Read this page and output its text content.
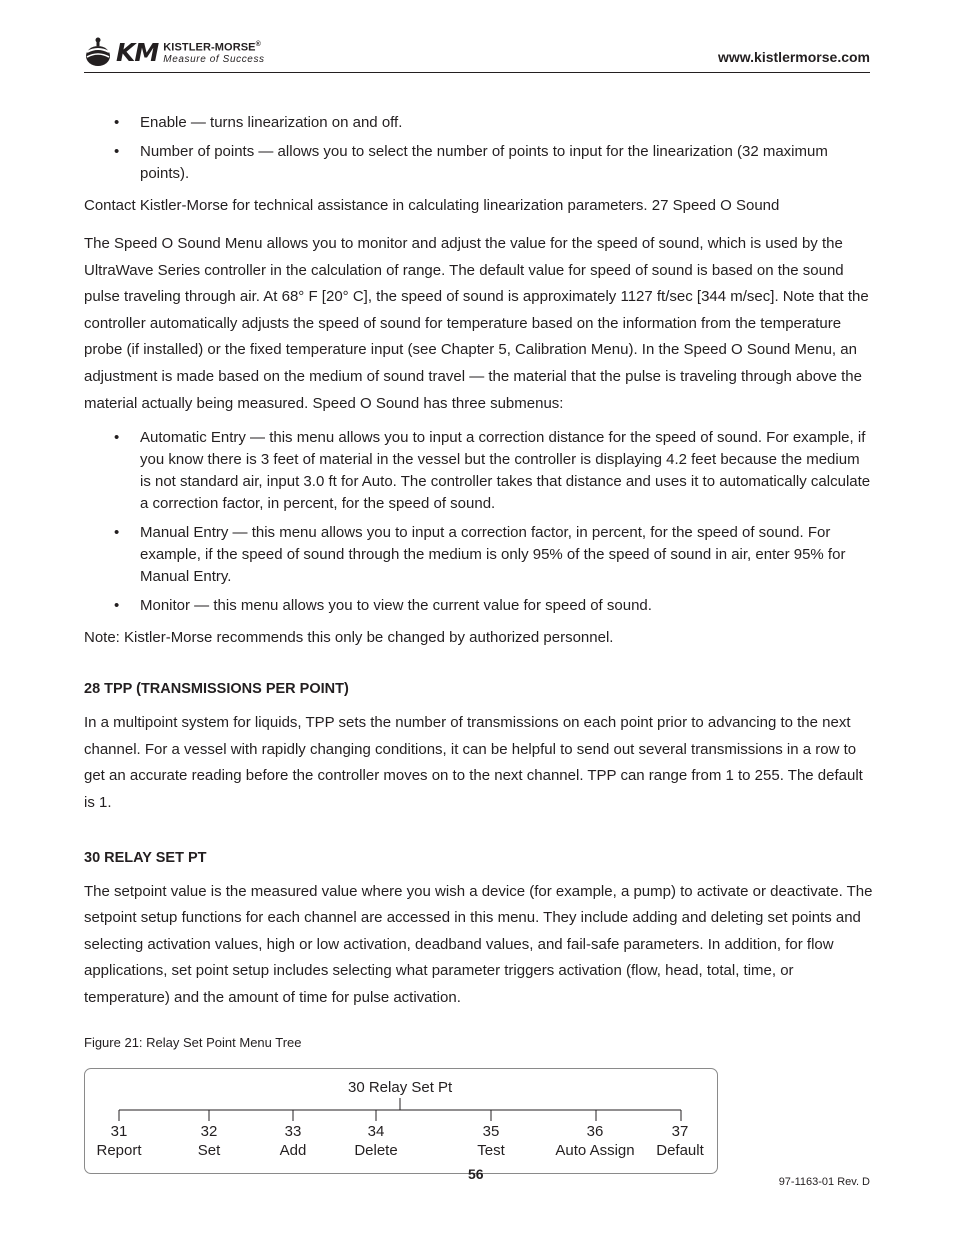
KM KISTLER-MORSE®
Measure of Success	www.kistlermorse.com
• Enable — turns linearization on and off.
• Number of points — allows you to select the number of points to input for the linearization (32 maximum points).

Contact Kistler-Morse for technical assistance in calculating linearization parameters. 27 Speed O Sound

The Speed O Sound Menu allows you to monitor and adjust the value for the speed of sound, which is used by the UltraWave Series controller in the calculation of range. The default value for speed of sound is based on the sound pulse traveling through air. At 68° F [20° C], the speed of sound is approximately 1127 ft/sec [344 m/sec]. Note that the controller automatically adjusts the speed of sound for temperature based on the information from the temperature probe (if installed) or the fixed temperature input (see Chapter 5, Calibration Menu). In the Speed O Sound Menu, an adjustment is made based on the medium of sound travel — the material that the pulse is traveling through above the material actually being measured. Speed O Sound has three submenus:

• Automatic Entry — this menu allows you to input a correction distance for the speed of sound. For example, if you know there is 3 feet of material in the vessel but the controller is displaying 4.2 feet because the medium is not standard air, input 3.0 ft for Auto. The controller takes that distance and uses it to automatically calculate a correction factor, in percent, for the speed of sound.
• Manual Entry — this menu allows you to input a correction factor, in percent, for the speed of sound. For example, if the speed of sound through the medium is only 95% of the speed of sound in air, enter 95% for Manual Entry.
• Monitor — this menu allows you to view the current value for speed of sound.

Note: Kistler-Morse recommends this only be changed by authorized personnel.

28 TPP (TRANSMISSIONS PER POINT)

In a multipoint system for liquids, TPP sets the number of transmissions on each point prior to advancing to the next channel. For a vessel with rapidly changing conditions, it can be helpful to send out several transmissions in a row to get an accurate reading before the controller moves on to the next channel. TPP can range from 1 to 255. The default is 1.

30 RELAY SET PT

The setpoint value is the measured value where you wish a device (for example, a pump) to activate or deactivate. The setpoint setup functions for each channel are accessed in this menu. They include adding and deleting set points and selecting activation values, high or low activation, deadband values, and fail-safe parameters. In addition, for flow applications, set point setup includes selecting what parameter triggers activation (flow, head, total, time, or temperature) and the amount of time for pulse activation.

Figure 21: Relay Set Point Menu Tree
30 Relay Set Pt
31
Report
32
Set
33
Add
34
Delete
35
Test
36
Auto Assign
37
Default
56	97-1163-01 Rev. D
